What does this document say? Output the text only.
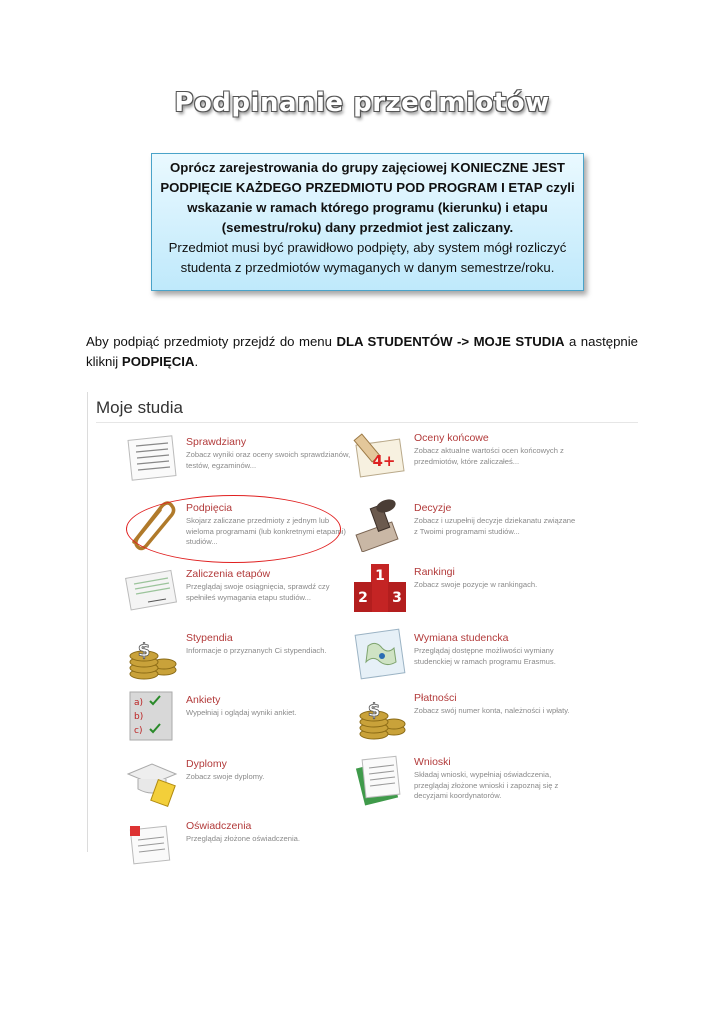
Podpinanie przedmiotów
Oprócz zarejestrowania do grupy zajęciowej KONIECZNE JEST
PODPIĘCIE KAŻDEGO PRZEDMIOTU POD PROGRAM I ETAP czyli
wskazanie w ramach którego programu (kierunku) i etapu
(semestru/roku) dany przedmiot jest zaliczany.
Przedmiot musi być prawidłowo podpięty, aby system mógł rozliczyć
studenta z przedmiotów wymaganych w danym semestrze/roku.
Aby podpiąć przedmioty przejdź do menu DLA STUDENTÓW -> MOJE STUDIA a następnie kliknij PODPIĘCIA.
Moje studia
Sprawdziany
Zobacz wyniki oraz oceny swoich sprawdzianów, testów, egzaminów...
Podpięcia
Skojarz zaliczane przedmioty z jednym lub wieloma programami (lub konkretnymi etapami) studiów...
Zaliczenia etapów
Przeglądaj swoje osiągnięcia, sprawdź czy spełniłeś wymagania etapu studiów...
$
Stypendia
Informacje o przyznanych Ci stypendiach.
a)
b)
c)
Ankiety
Wypełniaj i oglądaj wyniki ankiet.
Dyplomy
Zobacz swoje dyplomy.
Oświadczenia
Przeglądaj złożone oświadczenia.
4+
Oceny końcowe
Zobacz aktualne wartości ocen końcowych z przedmiotów, które zaliczałeś...
Decyzje
Zobacz i uzupełnij decyzje dziekanatu związane z Twoimi programami studiów...
1
2 3
Rankingi
Zobacz swoje pozycje w rankingach.
Wymiana studencka
Przeglądaj dostępne możliwości wymiany studenckiej w ramach programu Erasmus.
$
Płatności
Zobacz swój numer konta, należności i wpłaty.
Wnioski
Składaj wnioski, wypełniaj oświadczenia, przeglądaj złożone wnioski i zapoznaj się z decyzjami koordynatorów.
